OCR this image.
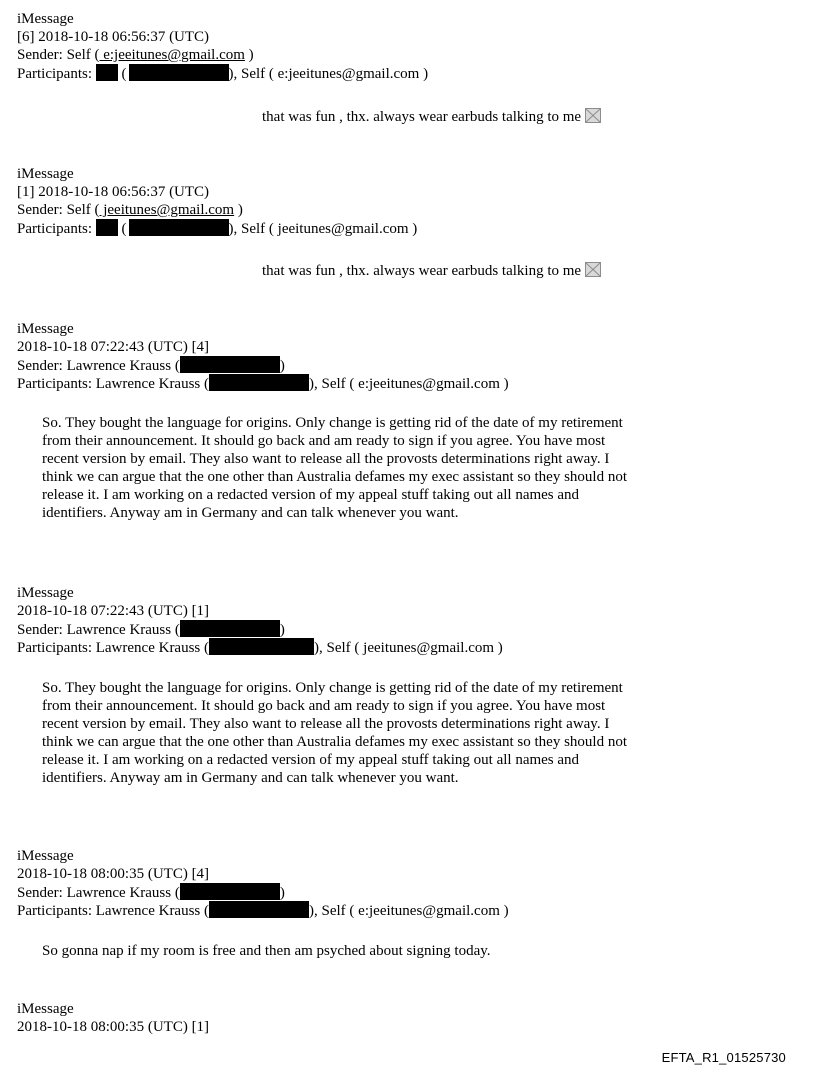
iMessage
[6] 2018-10-18 06:56:37 (UTC)
Sender: Self ( e:jeeitunes@gmail.com )
Participants: (	), Self ( e:jeeitunes@gmail.com )
that was fun , thx. always wear earbuds talking to me
iMessage
[1] 2018-10-18 06:56:37 (UTC)
Sender: Self ( jeeitunes@gmail.com )
Participants: (	), Self ( jeeitunes@gmail.com )
that was fun , thx. always wear earbuds talking to me
iMessage
2018-10-18 07:22:43 (UTC) [4]
Sender: Lawrence Krauss (	)
Participants: Lawrence Krauss (	), Self ( e:jeeitunes@gmail.com )
So. They bought the language for origins. Only change is getting rid of the date of my retirement from their announcement. It should go back and am ready to sign if you agree. You have most recent version by email. They also want to release all the provosts determinations right away. I think we can argue that the one other than Australia defames my exec assistant so they should not release it. I am working on a redacted version of my appeal stuff taking out all names and identifiers. Anyway am in Germany and can talk whenever you want.
iMessage
2018-10-18 07:22:43 (UTC) [1]
Sender: Lawrence Krauss (	)
Participants: Lawrence Krauss (	), Self ( jeeitunes@gmail.com )
So. They bought the language for origins. Only change is getting rid of the date of my retirement from their announcement. It should go back and am ready to sign if you agree. You have most recent version by email. They also want to release all the provosts determinations right away. I think we can argue that the one other than Australia defames my exec assistant so they should not release it. I am working on a redacted version of my appeal stuff taking out all names and identifiers. Anyway am in Germany and can talk whenever you want.
iMessage
2018-10-18 08:00:35 (UTC) [4]
Sender: Lawrence Krauss (	)
Participants: Lawrence Krauss (	), Self ( e:jeeitunes@gmail.com )
So gonna nap if my room is free and then am psyched about signing today.
iMessage
2018-10-18 08:00:35 (UTC) [1]
EFTA_R1_01525730
